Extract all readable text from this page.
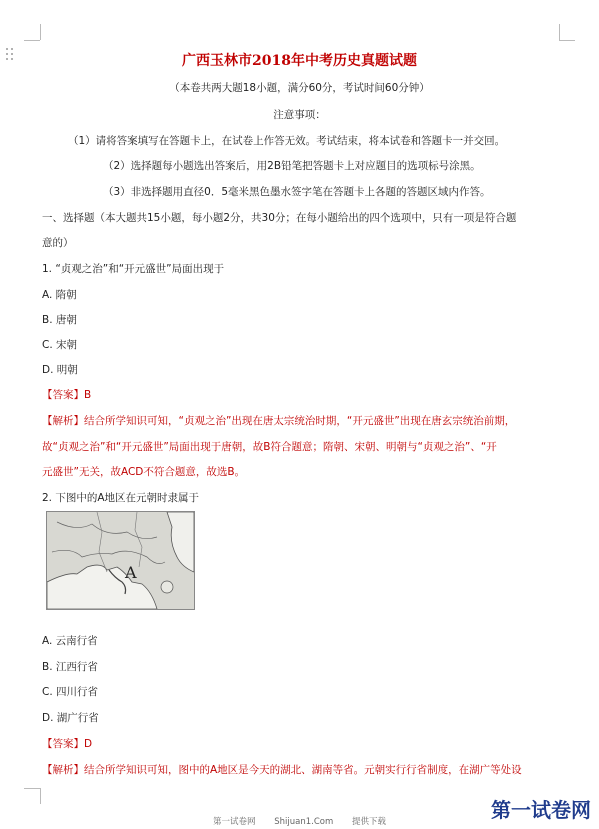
广西玉林市2018年中考历史真题试题
（本卷共两大题18小题，满分60分，考试时间60分钟）
注意事项：
（1）请将答案填写在答题卡上，在试卷上作答无效。考试结束，将本试卷和答题卡一并交回。
（2）选择题每小题选出答案后，用2B铅笔把答题卡上对应题目的选项标号涂黑。
（3）非选择题用直径0．5毫米黑色墨水签字笔在答题卡上各题的答题区域内作答。
一、选择题（本大题共15小题，每小题2分，共30分；在每小题给出的四个选项中，只有一项是符合题
意的）
1. “贞观之治”和“开元盛世”局面出现于
A. 隋朝
B. 唐朝
C. 宋朝
D. 明朝
【答案】B
【解析】结合所学知识可知，“贞观之治”出现在唐太宗统治时期，“开元盛世”出现在唐玄宗统治前期，
故“贞观之治”和“开元盛世”局面出现于唐朝，故B符合题意；隋朝、宋朝、明朝与“贞观之治”、“开
元盛世”无关，故ACD不符合题意，故选B。
2. 下图中的A地区在元朝时隶属于
A
A. 云南行省
B. 江西行省
C. 四川行省
D. 湖广行省
【答案】D
【解析】结合所学知识可知，图中的A地区是今天的湖北、湖南等省。元朝实行行省制度，在湖广等处设
第一试卷网 Shijuan1.Com 提供下载	第一试卷网
